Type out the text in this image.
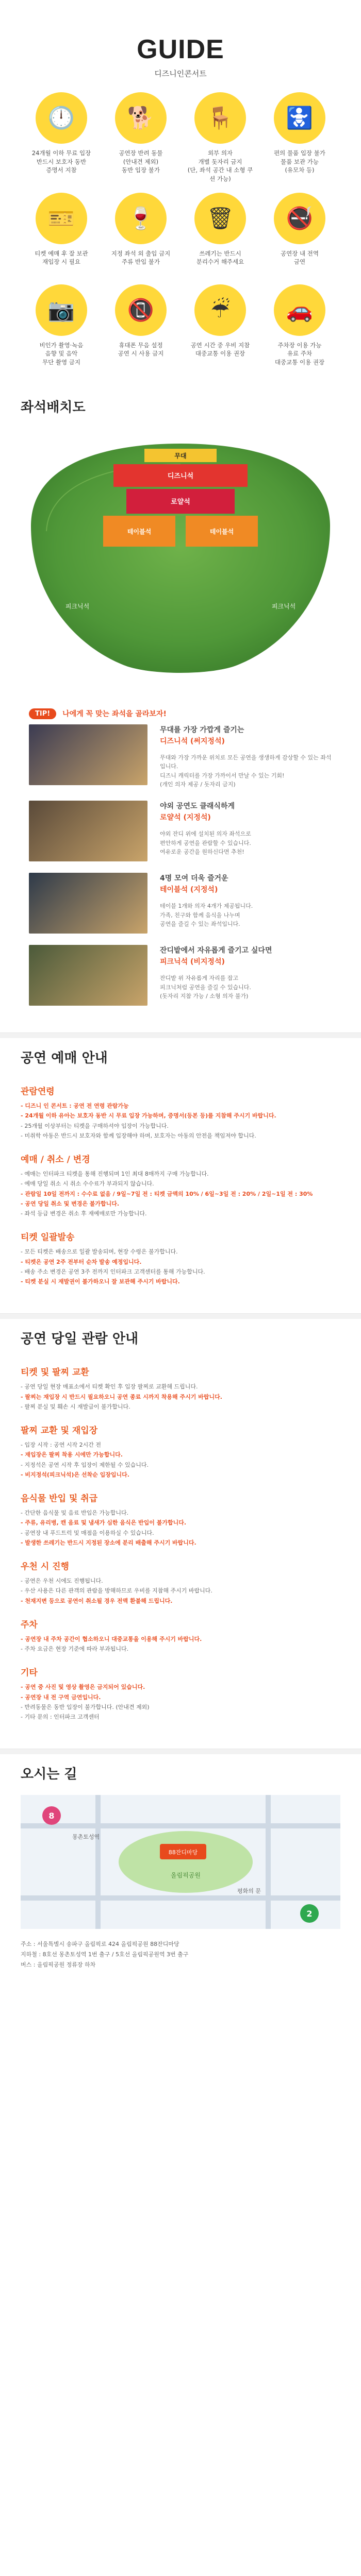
GUIDE
디즈니인콘서트
🕛
24개월 이하 무료 입장
반드시 보호자 동반
증명서 지참
🐕
공연장 반려 동물
(안내견 제외)
동반 입장 불가
🪑
외부 의자
개별 돗자리 금지
(단, 좌석 공간 내 소형 쿠션 가능)
🚼
편의 물품 입장 불가
물품 보관 가능
(유모차 등)
🎫
티켓 예매 후 잘 보관
재입장 시 필요
🍷
지정 좌석 외 출입 금지
주류 반입 불가
🗑
쓰레기는 반드시
분리수거 해주세요
🚭
공연장 내 전역
금연
📷
비인가 촬영·녹음
음향 및 음악
무단 촬영 금지
📵
휴대폰 무음 설정
공연 시 사용 금지
☔
공연 시간 중 우비 지참
대중교통 이용 권장
🚗
주차장 이용 가능
유료 주차
대중교통 이용 권장
좌석배치도
무대
디즈니석
로얄석
테이블석	테이블석
피크닉석	피크닉석
TIP!	나에게 꼭 맞는 좌석을 골라보자!
무대를 가장 가깝게 즐기는
디즈니석 (써지정석)
무대와 가장 가까운 위치로 모든 공연을 생생하게 감상할 수 있는 좌석입니다.
디즈니 캐릭터를 가장 가까이서 만날 수 있는 기회!
(개인 의자 제공 / 돗자리 금지)
야외 공연도 클래식하게
로얄석 (지정석)
야외 잔디 위에 설치된 의자 좌석으로
편안하게 공연을 관람할 수 있습니다.
여유로운 공간을 원하신다면 추천!
4명 모여 더욱 즐거운
테이블석 (지정석)
테이블 1개와 의자 4개가 제공됩니다.
가족, 친구와 함께 음식을 나누며
공연을 즐길 수 있는 좌석입니다.
잔디밭에서 자유롭게 즐기고 싶다면
피크닉석 (비지정석)
잔디밭 위 자유롭게 자리를 잡고
피크닉처럼 공연을 즐길 수 있습니다.
(돗자리 지참 가능 / 소형 의자 불가)
공연 예매 안내
관람연령
- 디즈니 인 콘서트 : 공연 전 연령 관람가능
- 24개월 이하 유아는 보호자 동반 시 무료 입장 가능하며, 증명서(등본 등)를 지참해 주시기 바랍니다.
- 25개월 이상부터는 티켓을 구매하셔야 입장이 가능합니다.
- 미취학 아동은 반드시 보호자와 함께 입장해야 하며, 보호자는 아동의 안전을 책임져야 합니다.
예매 / 취소 / 변경
- 예매는 인터파크 티켓을 통해 진행되며 1인 최대 8매까지 구매 가능합니다.
- 예매 당일 취소 시 취소 수수료가 부과되지 않습니다.
- 관람일 10일 전까지 : 수수료 없음 / 9일~7일 전 : 티켓 금액의 10% / 6일~3일 전 : 20% / 2일~1일 전 : 30%
- 공연 당일 취소 및 변경은 불가합니다.
- 좌석 등급 변경은 취소 후 재예매로만 가능합니다.
티켓 일괄발송
- 모든 티켓은 배송으로 일괄 발송되며, 현장 수령은 불가합니다.
- 티켓은 공연 2주 전부터 순차 발송 예정입니다.
- 배송 주소 변경은 공연 3주 전까지 인터파크 고객센터를 통해 가능합니다.
- 티켓 분실 시 재발권이 불가하오니 잘 보관해 주시기 바랍니다.
공연 당일 관람 안내
티켓 및 팔찌 교환
- 공연 당일 현장 매표소에서 티켓 확인 후 입장 팔찌로 교환해 드립니다.
- 팔찌는 재입장 시 반드시 필요하오니 공연 종료 시까지 착용해 주시기 바랍니다.
- 팔찌 분실 및 훼손 시 재발급이 불가합니다.
팔찌 교환 및 재입장
- 입장 시작 : 공연 시작 2시간 전
- 재입장은 팔찌 착용 시에만 가능합니다.
- 지정석은 공연 시작 후 입장이 제한될 수 있습니다.
- 비지정석(피크닉석)은 선착순 입장입니다.
음식물 반입 및 취급
- 간단한 음식물 및 음료 반입은 가능합니다.
- 주류, 유리병, 캔 음료 및 냄새가 심한 음식은 반입이 불가합니다.
- 공연장 내 푸드트럭 및 매점을 이용하실 수 있습니다.
- 발생한 쓰레기는 반드시 지정된 장소에 분리 배출해 주시기 바랍니다.
우천 시 진행
- 공연은 우천 시에도 진행됩니다.
- 우산 사용은 다른 관객의 관람을 방해하므로 우비를 지참해 주시기 바랍니다.
- 천재지변 등으로 공연이 취소될 경우 전액 환불해 드립니다.
주차
- 공연장 내 주차 공간이 협소하오니 대중교통을 이용해 주시기 바랍니다.
- 주차 요금은 현장 기준에 따라 부과됩니다.
기타
- 공연 중 사진 및 영상 촬영은 금지되어 있습니다.
- 공연장 내 전 구역 금연입니다.
- 반려동물은 동반 입장이 불가합니다. (안내견 제외)
- 기타 문의 : 인터파크 고객센터
오시는 길
88잔디마당
올림픽공원
8
2
몽촌토성역
평화의 문
주소 : 서울특별시 송파구 올림픽로 424 올림픽공원 88잔디마당
지하철 : 8호선 몽촌토성역 1번 출구 / 5호선 올림픽공원역 3번 출구
버스 : 올림픽공원 정류장 하차
